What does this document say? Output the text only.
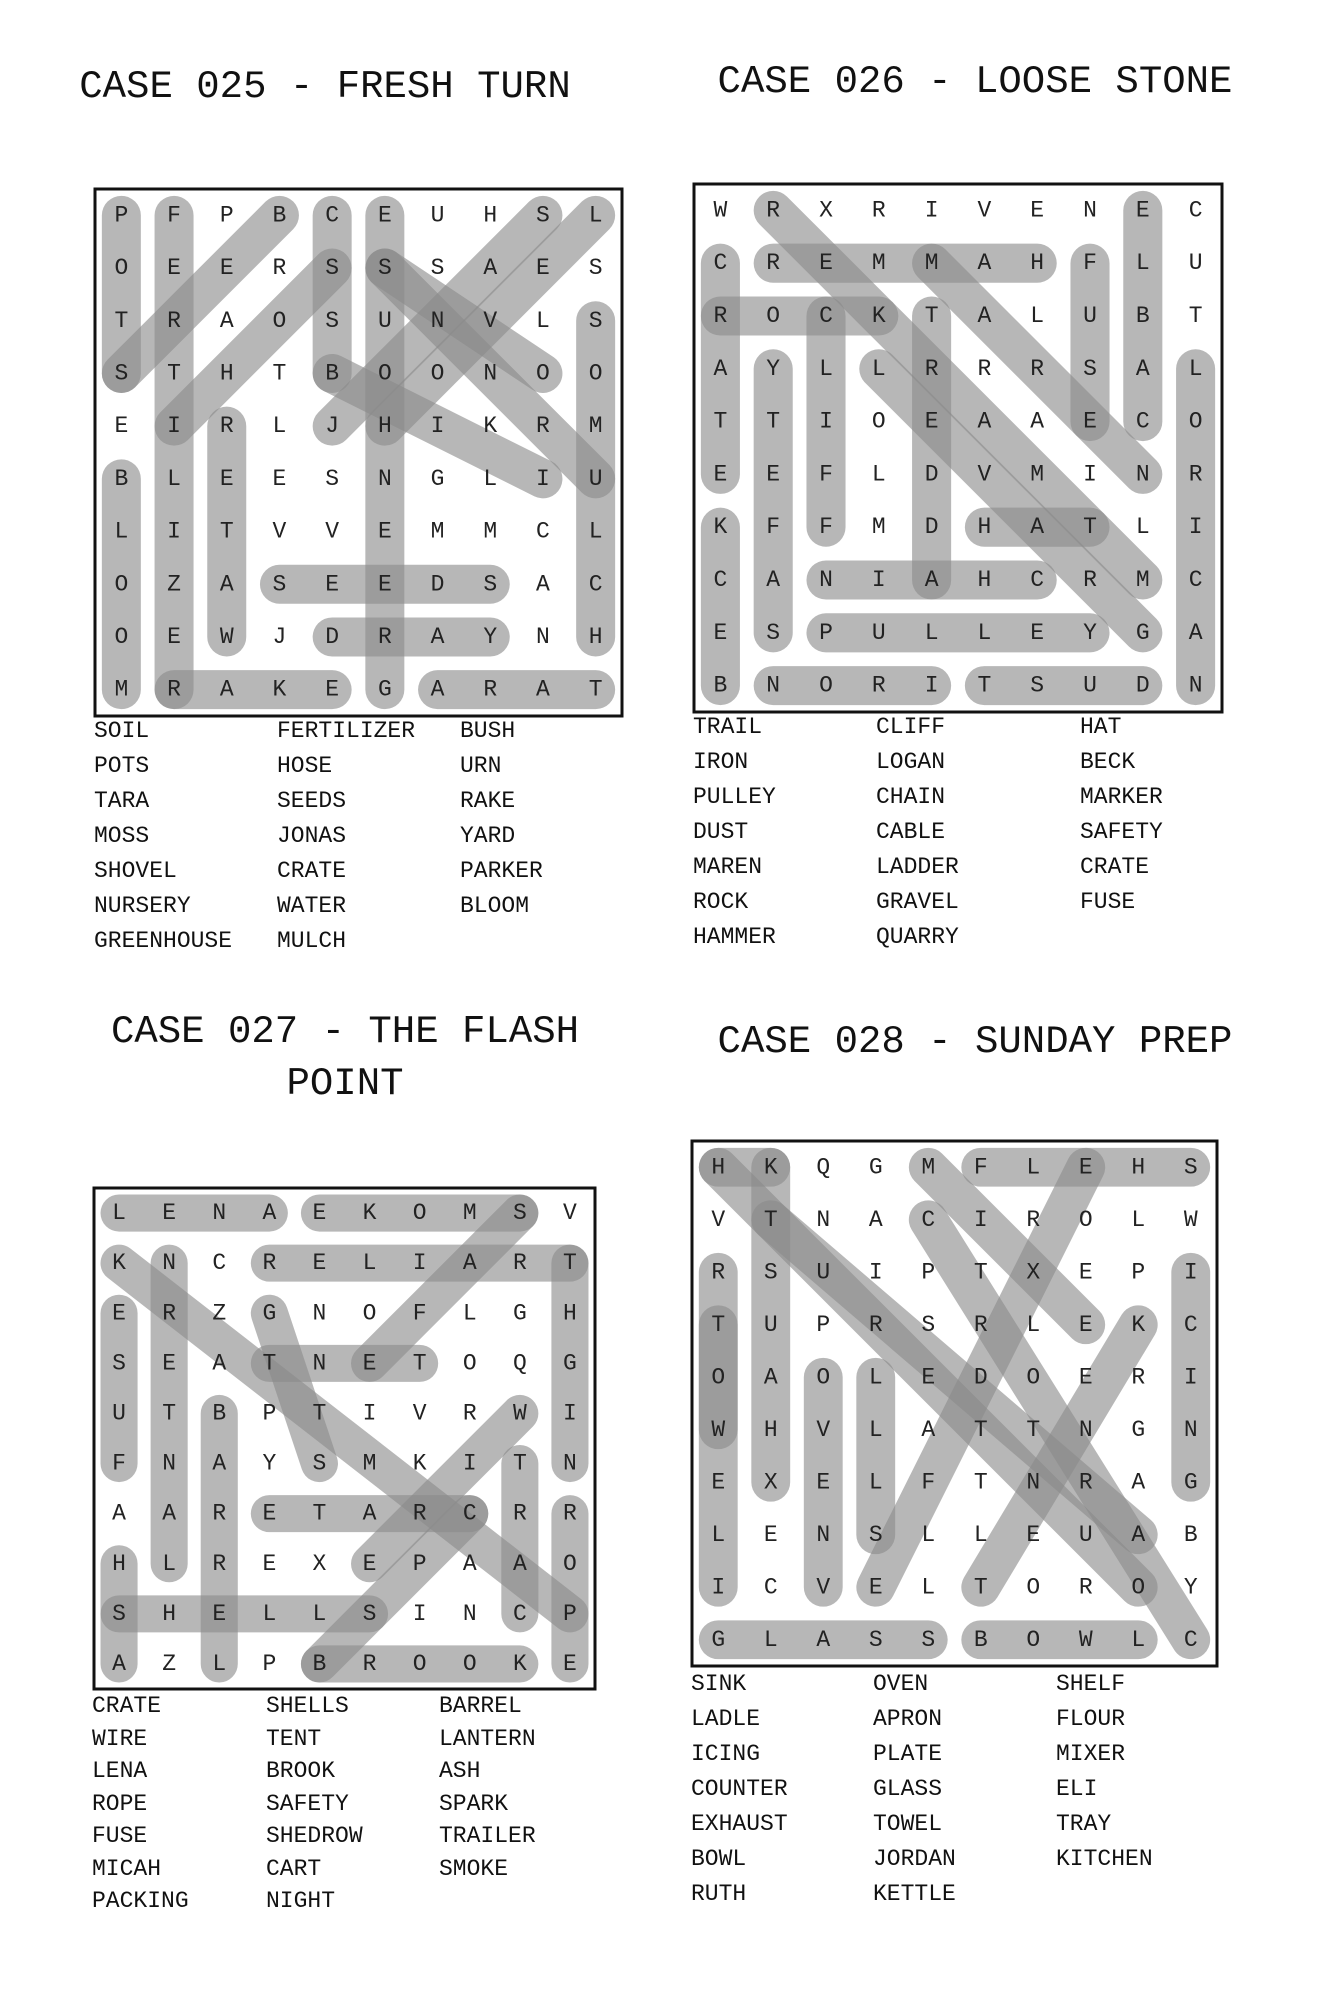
CASE 025 - FRESH TURN
P F P B C E U H S L
O E E R S S S A E S
T R A O S U N V L S
S T H T B O O N O O
E I R L J H I K R M
B L E E S N G L I U
L I T V V E M M C L
O Z A S E E D S A C
O E W J D R A Y N H
M R A K E G A R A T

SOIL

POTS

TARA

MOSS

SHOVEL

NURSERY

GREENHOUSE

FERTILIZER

HOSE

SEEDS

JONAS

CRATE

WATER

MULCH

BUSH

URN

RAKE

YARD

PARKER

BLOOM

CASE 026 - LOOSE STONE
W R X R I V E N E C
C R E M M A H F L U
R O C K T A L U B T
A Y L L R R R S A L
T T I O E A A E C O
E E F L D V M I N R
K F F M D H A T L I
C A N I A H C R M C
E S P U L L E Y G A
B N O R I T S U D N

TRAIL

IRON

PULLEY

DUST

MAREN

ROCK

HAMMER

CLIFF

LOGAN

CHAIN

CABLE

LADDER

GRAVEL

QUARRY

HAT

BECK

MARKER

SAFETY

CRATE

FUSE

CASE 027 - THE FLASH
POINT
L E N A E K O M S V
K N C R E L I A R T
E R Z G N O F L G H
S E A T N E T O Q G
U T B P T I V R W I
F N A Y S M K I T N
A A R E T A R C R R
H L R E X E P A A O
S H E L L S I N C P
A Z L P B R O O K E

CRATE

WIRE

LENA

ROPE

FUSE

MICAH

PACKING

SHELLS

TENT

BROOK

SAFETY

SHEDROW

CART

NIGHT

BARREL

LANTERN

ASH

SPARK

TRAILER

SMOKE

CASE 028 - SUNDAY PREP
H K Q G M F L E H S
V T N A C I R O L W
R S U I P T X E P I
T U P R S R L E K C
O A O L E D O E R I
W H V L A T T N G N
E X E L F T N R A G
L E N S L L E U A B
I C V E L T O R O Y
G L A S S B O W L C

SINK

LADLE

ICING

COUNTER

EXHAUST

BOWL

RUTH

OVEN

APRON

PLATE

GLASS

TOWEL

JORDAN

KETTLE

SHELF

FLOUR

MIXER

ELI

TRAY

KITCHEN
